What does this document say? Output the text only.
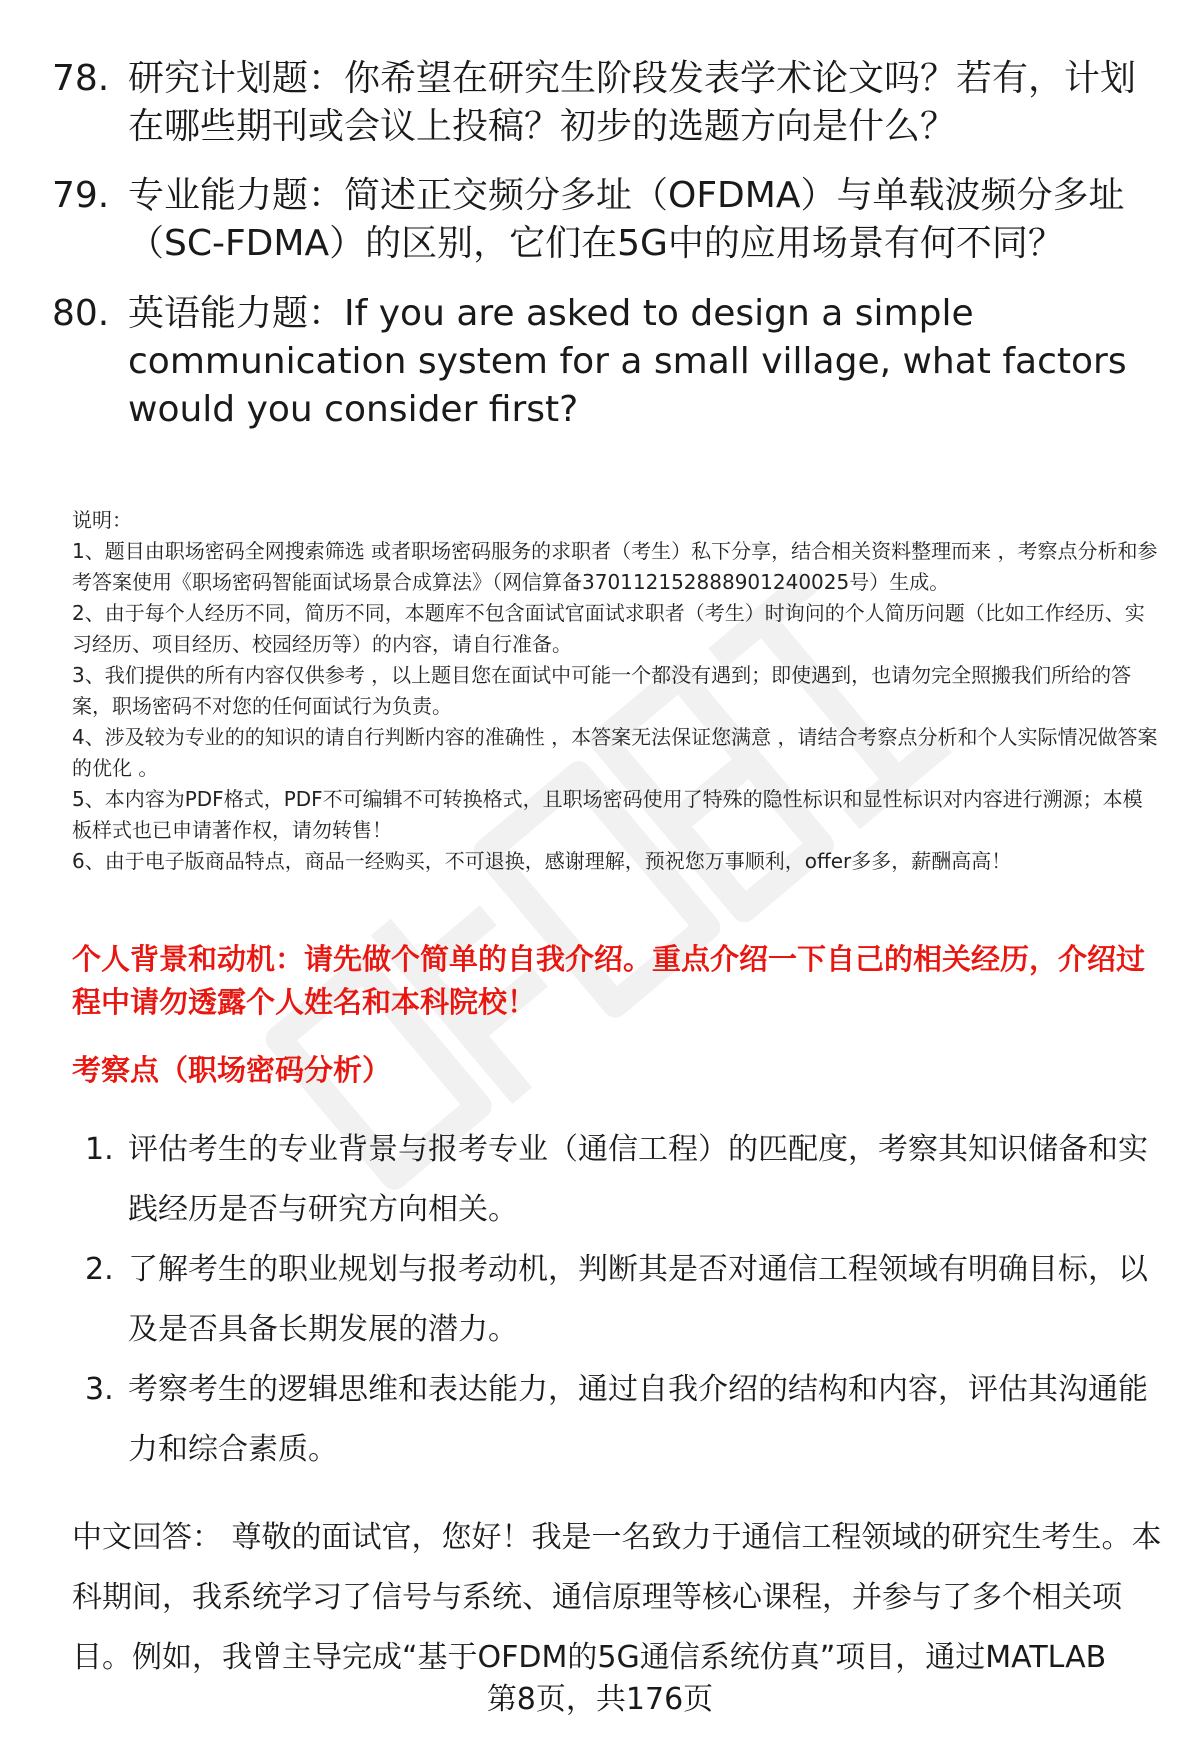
78. 研究计划题：你希望在研究生阶段发表学术论文吗？若有，计划在哪些期刊或会议上投稿？初步的选题方向是什么？
79. 专业能力题：简述正交频分多址（OFDMA）与单载波频分多址（SC-FDMA）的区别，它们在5G中的应用场景有何不同？
80. 英语能力题：If you are asked to design a simple communication system for a small village, what factors would you consider first?

说明：

1、题目由职场密码全网搜索筛选 或者职场密码服务的求职者（考生）私下分享，结合相关资料整理而来 ，考察点分析和参考答案使用《职场密码智能面试场景合成算法》（网信算备370112152888901240025号）生成。

2、由于每个人经历不同，简历不同，本题库不包含面试官面试求职者（考生）时询问的个人简历问题（比如工作经历、实习经历、项目经历、校园经历等）的内容，请自行准备。

3、我们提供的所有内容仅供参考 ，以上题目您在面试中可能一个都没有遇到；即使遇到，也请勿完全照搬我们所给的答案，职场密码不对您的任何面试行为负责。

4、涉及较为专业的的知识的请自行判断内容的准确性 ，本答案无法保证您满意 ，请结合考察点分析和个人实际情况做答案的优化 。

5、本内容为PDF格式，PDF不可编辑不可转换格式，且职场密码使用了特殊的隐性标识和显性标识对内容进行溯源；本模板样式也已申请著作权，请勿转售！

6、由于电子版商品特点，商品一经购买，不可退换，感谢理解，预祝您万事顺利，offer多多，薪酬高高！

个人背景和动机：请先做个简单的自我介绍。重点介绍一下自己的相关经历，介绍过程中请勿透露个人姓名和本科院校！
考察点（职场密码分析）
1. 评估考生的专业背景与报考专业（通信工程）的匹配度，考察其知识储备和实践经历是否与研究方向相关。
2. 了解考生的职业规划与报考动机，判断其是否对通信工程领域有明确目标，以及是否具备长期发展的潜力。
3. 考察考生的逻辑思维和表达能力，通过自我介绍的结构和内容，评估其沟通能力和综合素质。
中文回答： 尊敬的面试官，您好！我是一名致力于通信工程领域的研究生考生。本科期间，我系统学习了信号与系统、通信原理等核心课程，并参与了多个相关项目。例如，我曾主导完成“基于OFDM的5G通信系统仿真”项目，通过MATLAB
第8页，共176页
